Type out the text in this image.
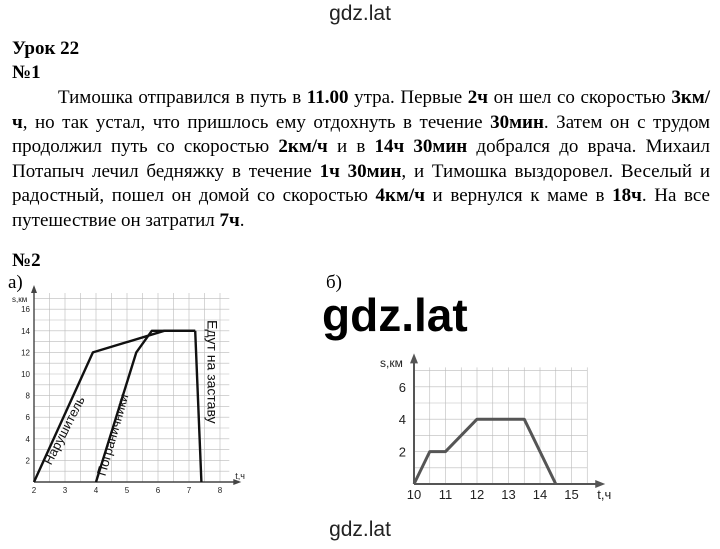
gdz.lat
Урок 22
№1
Тимошка отправился в путь в 11.00 утра. Первые 2ч он шел со скоростью 3км/ч, но так устал, что пришлось ему отдохнуть в течение 30мин. Затем он с трудом продолжил путь со скоростью 2км/ч и в 14ч 30мин добрался до врача. Михаил Потапыч лечил бедняжку в течение 1ч 30мин, и Тимошка выздоровел. Веселый и радостный, пошел он домой со скоростью 4км/ч и вернулся к маме в 18ч. На все путешествие он затратил 7ч.
№2
а)	б)
2	3	4	5	6	7	8
2
4
6
8
10
12
14
16
s,км
t,ч
Нарушитель Пограничники
Едут на заставу
10 11 12 13 14 15
2
4
6
s,км
t,ч
gdz.lat
gdz.lat
